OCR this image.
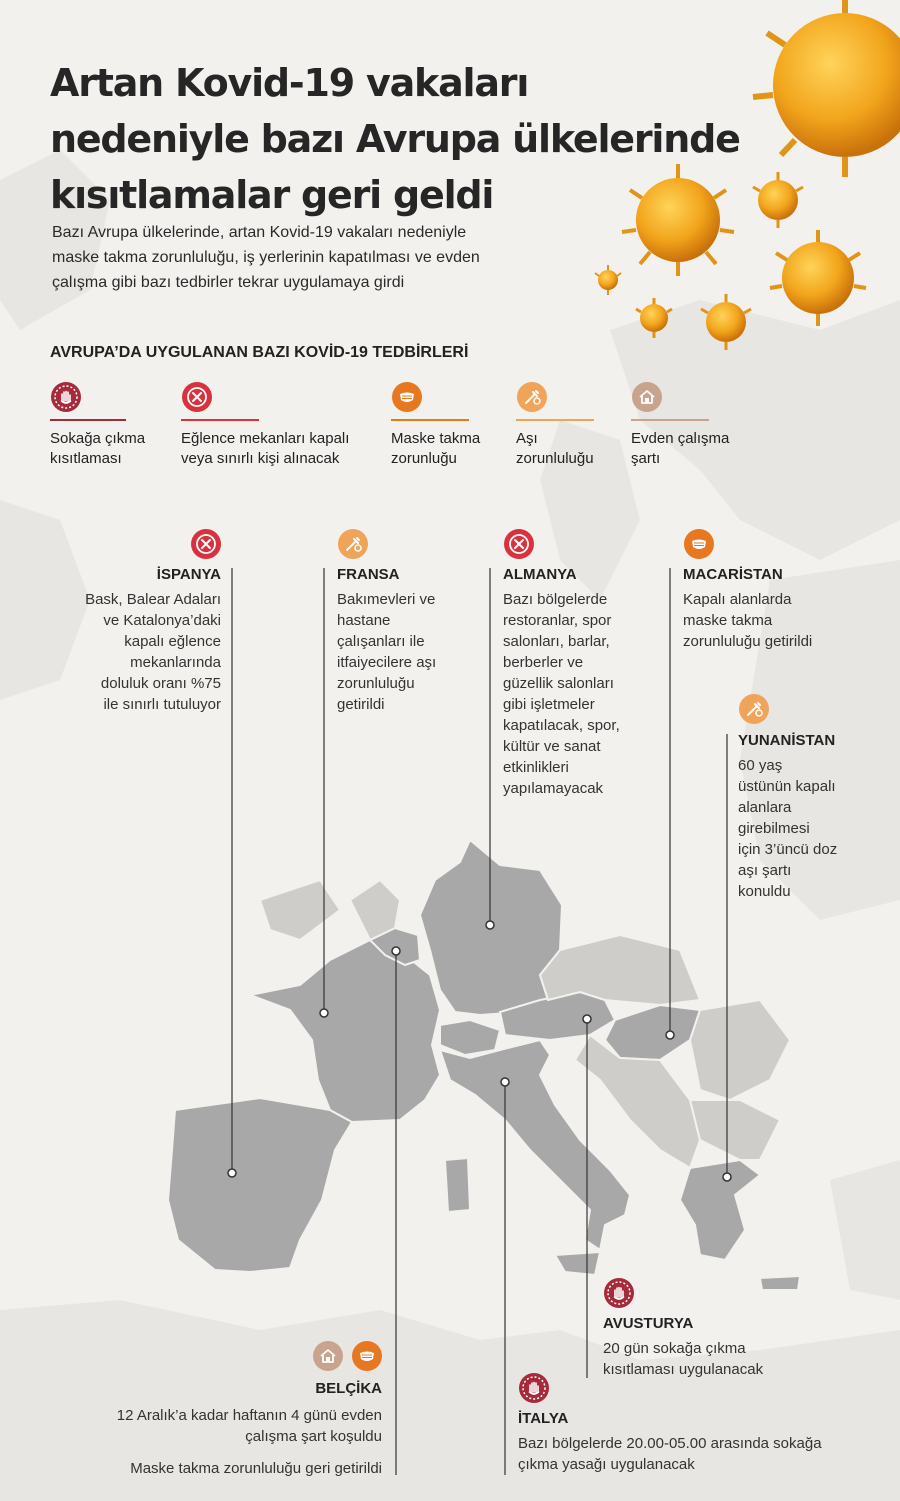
Artan Kovid-19 vakaları
nedeniyle bazı Avrupa ülkelerinde
kısıtlamalar geri geldi

Bazı Avrupa ülkelerinde, artan Kovid-19 vakaları nedeniyle
maske takma zorunluluğu, iş yerlerinin kapatılması ve evden
çalışma gibi bazı tedbirler tekrar uygulamaya girdi

AVRUPA’DA UYGULANAN BAZI KOVİD-19 TEDBİRLERİ
Sokağa çıkma
kısıtlaması
Eğlence mekanları kapalı
veya sınırlı kişi alınacak
Maske takma
zorunluğu
Aşı
zorunluluğu
Evden çalışma
şartı
İSPANYA
Bask, Balear Adaları
ve Katalonya’daki
kapalı eğlence
mekanlarında
doluluk oranı %75
ile sınırlı tutuluyor
FRANSA
Bakımevleri ve
hastane
çalışanları ile
itfaiyecilere aşı
zorunluluğu
getirildi
ALMANYA
Bazı bölgelerde
restoranlar, spor
salonları, barlar,
berberler ve
güzellik salonları
gibi işletmeler
kapatılacak, spor,
kültür ve sanat
etkinlikleri
yapılamayacak
MACARİSTAN
Kapalı alanlarda
maske takma
zorunluluğu getirildi
YUNANİSTAN
60 yaş
üstünün kapalı
alanlara
girebilmesi
için 3’üncü doz
aşı şartı
konuldu
AVUSTURYA
20 gün sokağa çıkma
kısıtlaması uygulanacak
BELÇİKA
12 Aralık’a kadar haftanın 4 günü evden
çalışma şart koşuldu
Maske takma zorunluluğu geri getirildi
İTALYA
Bazı bölgelerde 20.00-05.00 arasında sokağa
çıkma yasağı uygulanacak
